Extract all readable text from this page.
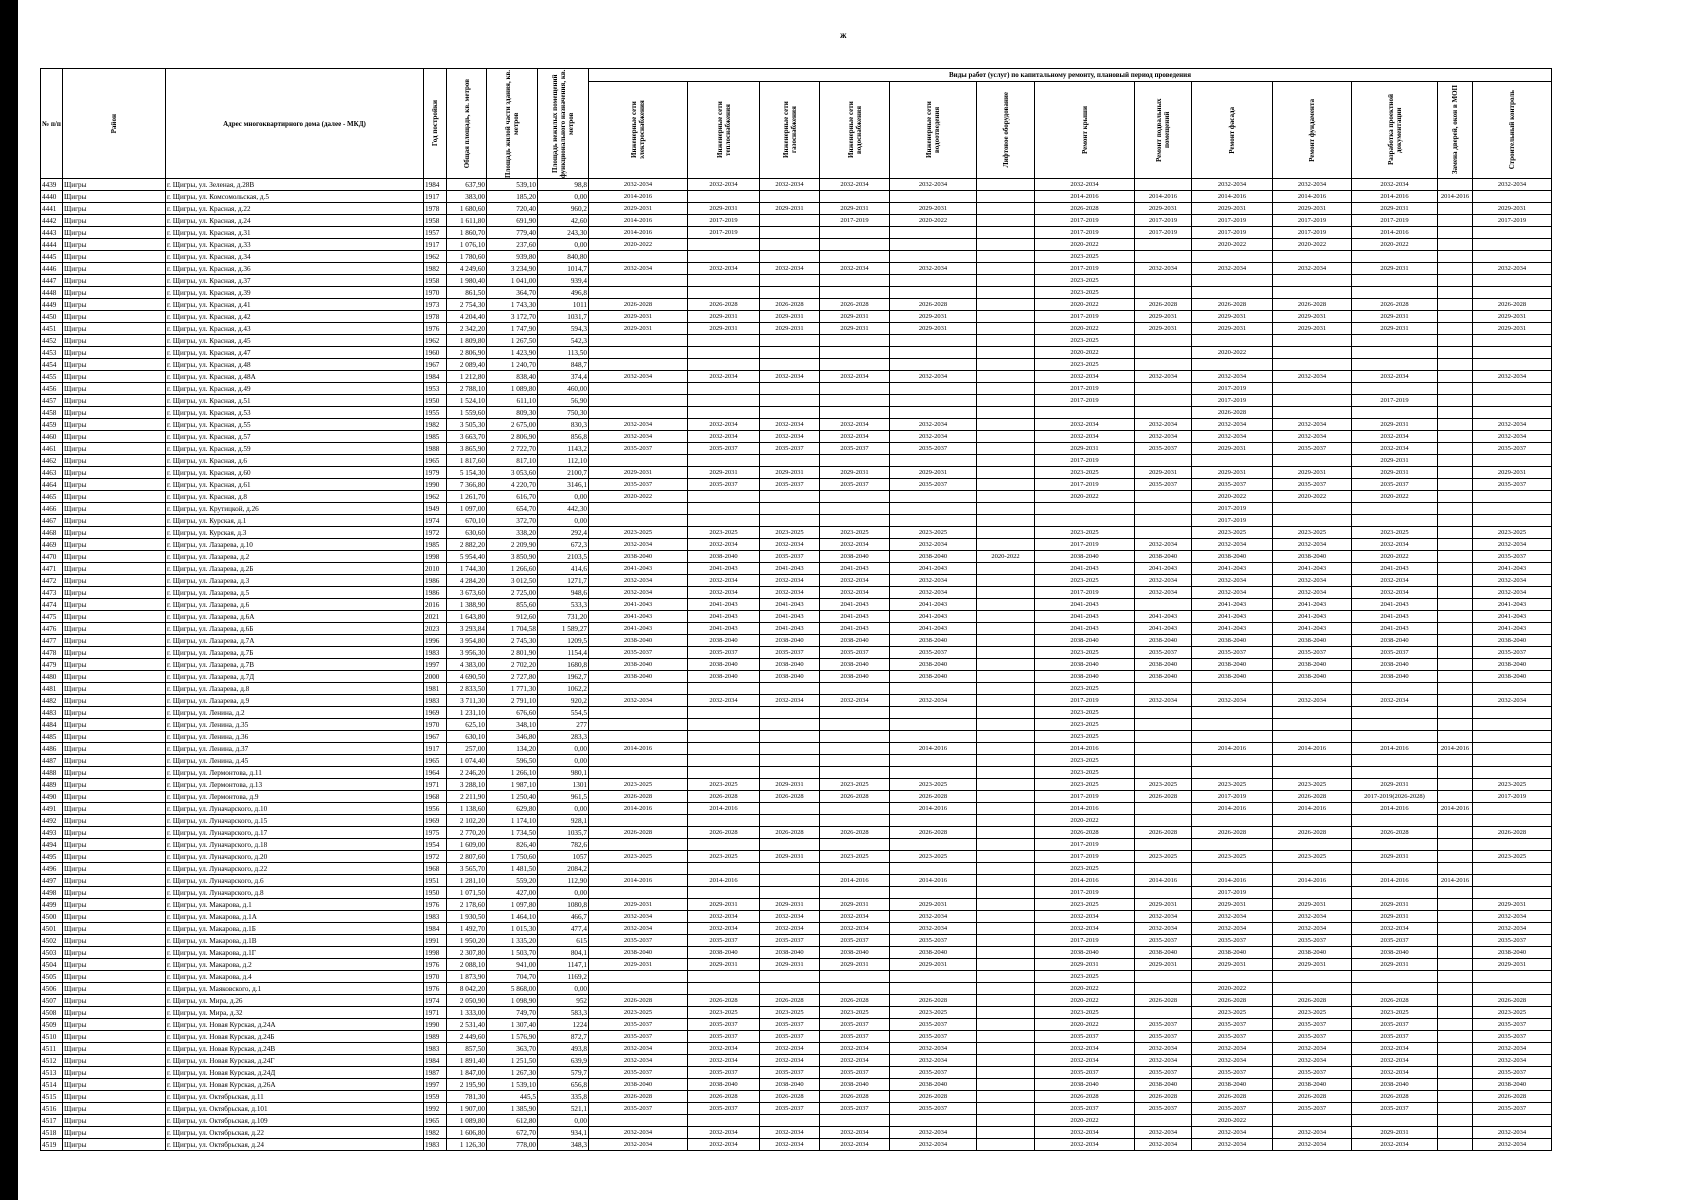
ж
№ п/п	Район	Адрес многоквартирного дома (далее - МКД)	Год постройки	Общая площадь, кв. метров	Площадь жилой части здания, кв. метров	Площадь нежилых помещений функционального назначения, кв. метров	Виды работ (услуг) по капитальному ремонту, плановый период проведения												

							Инженерные сети электроснабжения	Инженерные сети теплоснабжения	Инженерные сети газоснабжения	Инженерные сети водоснабжения	Инженерные сети водоотведения	Лифтовое оборудование	Ремонт крыши	Ремонт подвальных помещений	Ремонт фасада	Ремонт фундамента	Разработка проектной документации	Замена дверей, окон в МОП	Строительный контроль

4439	Щигры	г. Щигры, ул. Зеленая, д.28В	1984	637,90	539,10	98,8	2032-2034	2032-2034	2032-2034	2032-2034	2032-2034		2032-2034		2032-2034	2032-2034	2032-2034		2032-2034
4440	Щигры	г. Щигры, ул. Комсомольская, д.5	1917	383,00	185,20	0,00	2014-2016						2014-2016	2014-2016	2014-2016	2014-2016	2014-2016	2014-2016	
4441	Щигры	г. Щигры, ул. Красная, д.22	1978	1 680,60	720,40	960,2	2029-2031	2029-2031	2029-2031	2029-2031	2029-2031		2026-2028	2029-2031	2029-2031	2029-2031	2029-2031		2029-2031
4442	Щигры	г. Щигры, ул. Красная, д.24	1958	1 611,80	691,90	42,60	2014-2016	2017-2019		2017-2019	2020-2022		2017-2019	2017-2019	2017-2019	2017-2019	2017-2019		2017-2019
4443	Щигры	г. Щигры, ул. Красная, д.31	1957	1 860,70	779,40	243,30	2014-2016	2017-2019					2017-2019	2017-2019	2017-2019	2017-2019	2014-2016		
4444	Щигры	г. Щигры, ул. Красная, д.33	1917	1 076,10	237,60	0,00	2020-2022						2020-2022		2020-2022	2020-2022	2020-2022		
4445	Щигры	г. Щигры, ул. Красная, д.34	1962	1 780,60	939,80	840,80							2023-2025						
4446	Щигры	г. Щигры, ул. Красная, д.36	1982	4 249,60	3 234,90	1014,7	2032-2034	2032-2034	2032-2034	2032-2034	2032-2034		2017-2019	2032-2034	2032-2034	2032-2034	2029-2031		2032-2034
4447	Щигры	г. Щигры, ул. Красная, д.37	1958	1 980,40	1 041,00	939,4							2023-2025						
4448	Щигры	г. Щигры, ул. Красная, д.39	1970	861,50	364,70	496,8							2023-2025						
4449	Щигры	г. Щигры, ул. Красная, д.41	1973	2 754,30	1 743,30	1011	2026-2028	2026-2028	2026-2028	2026-2028	2026-2028		2020-2022	2026-2028	2026-2028	2026-2028	2026-2028		2026-2028
4450	Щигры	г. Щигры, ул. Красная, д.42	1978	4 204,40	3 172,70	1031,7	2029-2031	2029-2031	2029-2031	2029-2031	2029-2031		2017-2019	2029-2031	2029-2031	2029-2031	2029-2031		2029-2031
4451	Щигры	г. Щигры, ул. Красная, д.43	1976	2 342,20	1 747,90	594,3	2029-2031	2029-2031	2029-2031	2029-2031	2029-2031		2020-2022	2029-2031	2029-2031	2029-2031	2029-2031		2029-2031
4452	Щигры	г. Щигры, ул. Красная, д.45	1962	1 809,80	1 267,50	542,3							2023-2025						
4453	Щигры	г. Щигры, ул. Красная, д.47	1960	2 806,90	1 423,90	113,50							2020-2022		2020-2022				
4454	Щигры	г. Щигры, ул. Красная, д.48	1967	2 089,40	1 240,70	848,7							2023-2025						
4455	Щигры	г. Щигры, ул. Красная, д.48А	1984	1 212,80	838,40	374,4	2032-2034	2032-2034	2032-2034	2032-2034	2032-2034		2032-2034	2032-2034	2032-2034	2032-2034	2032-2034		2032-2034
4456	Щигры	г. Щигры, ул. Красная, д.49	1953	2 788,10	1 089,80	460,00							2017-2019		2017-2019				
4457	Щигры	г. Щигры, ул. Красная, д.51	1950	1 524,10	611,10	56,90							2017-2019		2017-2019		2017-2019		
4458	Щигры	г. Щигры, ул. Красная, д.53	1955	1 559,60	809,30	750,30									2026-2028				
4459	Щигры	г. Щигры, ул. Красная, д.55	1982	3 505,30	2 675,00	830,3	2032-2034	2032-2034	2032-2034	2032-2034	2032-2034		2032-2034	2032-2034	2032-2034	2032-2034	2029-2031		2032-2034
4460	Щигры	г. Щигры, ул. Красная, д.57	1985	3 663,70	2 806,90	856,8	2032-2034	2032-2034	2032-2034	2032-2034	2032-2034		2032-2034	2032-2034	2032-2034	2032-2034	2032-2034		2032-2034
4461	Щигры	г. Щигры, ул. Красная, д.59	1988	3 865,90	2 722,70	1143,2	2035-2037	2035-2037	2035-2037	2035-2037	2035-2037		2029-2031	2035-2037	2029-2031	2035-2037	2032-2034		2035-2037
4462	Щигры	г. Щигры, ул. Красная, д.6	1965	1 817,60	817,10	112,10							2017-2019				2029-2031		
4463	Щигры	г. Щигры, ул. Красная, д.60	1979	5 154,30	3 053,60	2100,7	2029-2031	2029-2031	2029-2031	2029-2031	2029-2031		2023-2025	2029-2031	2029-2031	2029-2031	2029-2031		2029-2031
4464	Щигры	г. Щигры, ул. Красная, д.61	1990	7 366,80	4 220,70	3146,1	2035-2037	2035-2037	2035-2037	2035-2037	2035-2037		2017-2019	2035-2037	2035-2037	2035-2037	2035-2037		2035-2037
4465	Щигры	г. Щигры, ул. Красная, д.8	1962	1 261,70	616,70	0,00	2020-2022						2020-2022		2020-2022	2020-2022	2020-2022		
4466	Щигры	г. Щигры, ул. Крутицкой, д.26	1949	1 097,00	654,70	442,30									2017-2019				
4467	Щигры	г. Щигры, ул. Курская, д.1	1974	670,10	372,70	0,00									2017-2019				
4468	Щигры	г. Щигры, ул. Курская, д.3	1972	630,60	338,20	292,4	2023-2025	2023-2025	2023-2025	2023-2025	2023-2025		2023-2025		2023-2025	2023-2025	2023-2025		2023-2025
4469	Щигры	г. Щигры, ул. Лазарева, д.10	1985	2 882,20	2 209,90	672,3	2032-2034	2032-2034	2032-2034	2032-2034	2032-2034		2017-2019	2032-2034	2032-2034	2032-2034	2032-2034		2032-2034
4470	Щигры	г. Щигры, ул. Лазарева, д.2	1998	5 954,40	3 850,90	2103,5	2038-2040	2038-2040	2035-2037	2038-2040	2038-2040	2020-2022	2038-2040	2038-2040	2038-2040	2038-2040	2020-2022		2035-2037
4471	Щигры	г. Щигры, ул. Лазарева, д.2Б	2010	1 744,30	1 266,60	414,6	2041-2043	2041-2043	2041-2043	2041-2043	2041-2043		2041-2043	2041-2043	2041-2043	2041-2043	2041-2043		2041-2043
4472	Щигры	г. Щигры, ул. Лазарева, д.3	1986	4 284,20	3 012,50	1271,7	2032-2034	2032-2034	2032-2034	2032-2034	2032-2034		2023-2025	2032-2034	2032-2034	2032-2034	2032-2034		2032-2034
4473	Щигры	г. Щигры, ул. Лазарева, д.5	1986	3 673,60	2 725,00	948,6	2032-2034	2032-2034	2032-2034	2032-2034	2032-2034		2017-2019	2032-2034	2032-2034	2032-2034	2032-2034		2032-2034
4474	Щигры	г. Щигры, ул. Лазарева, д.6	2016	1 388,90	855,60	533,3	2041-2043	2041-2043	2041-2043	2041-2043	2041-2043		2041-2043		2041-2043	2041-2043	2041-2043		2041-2043
4475	Щигры	г. Щигры, ул. Лазарева, д.6А	2021	1 643,80	912,60	731,20	2041-2043	2041-2043	2041-2043	2041-2043	2041-2043		2041-2043	2041-2043	2041-2043	2041-2043	2041-2043		2041-2043
4476	Щигры	г. Щигры, ул. Лазарева, д.6Б	2023	3 293,84	1 704,58	1 589,27	2041-2043	2041-2043	2041-2043	2041-2043	2041-2043		2041-2043	2041-2043	2041-2043	2041-2043	2041-2043		2041-2043
4477	Щигры	г. Щигры, ул. Лазарева, д.7А	1996	3 954,80	2 745,30	1209,5	2038-2040	2038-2040	2038-2040	2038-2040	2038-2040		2038-2040	2038-2040	2038-2040	2038-2040	2038-2040		2038-2040
4478	Щигры	г. Щигры, ул. Лазарева, д.7Б	1983	3 956,30	2 801,90	1154,4	2035-2037	2035-2037	2035-2037	2035-2037	2035-2037		2023-2025	2035-2037	2035-2037	2035-2037	2035-2037		2035-2037
4479	Щигры	г. Щигры, ул. Лазарева, д.7В	1997	4 383,00	2 702,20	1680,8	2038-2040	2038-2040	2038-2040	2038-2040	2038-2040		2038-2040	2038-2040	2038-2040	2038-2040	2038-2040		2038-2040
4480	Щигры	г. Щигры, ул. Лазарева, д.7Д	2000	4 690,50	2 727,80	1962,7	2038-2040	2038-2040	2038-2040	2038-2040	2038-2040		2038-2040	2038-2040	2038-2040	2038-2040	2038-2040		2038-2040
4481	Щигры	г. Щигры, ул. Лазарева, д.8	1981	2 833,50	1 771,30	1062,2							2023-2025						
4482	Щигры	г. Щигры, ул. Лазарева, д.9	1983	3 711,30	2 791,10	920,2	2032-2034	2032-2034	2032-2034	2032-2034	2032-2034		2017-2019	2032-2034	2032-2034	2032-2034	2032-2034		2032-2034
4483	Щигры	г. Щигры, ул. Ленина, д.2	1969	1 231,10	676,60	554,5							2023-2025						
4484	Щигры	г. Щигры, ул. Ленина, д.35	1970	625,10	348,10	277							2023-2025						
4485	Щигры	г. Щигры, ул. Ленина, д.36	1967	630,10	346,80	283,3							2023-2025						
4486	Щигры	г. Щигры, ул. Ленина, д.37	1917	257,00	134,20	0,00	2014-2016				2014-2016		2014-2016		2014-2016	2014-2016	2014-2016	2014-2016	
4487	Щигры	г. Щигры, ул. Ленина, д.45	1965	1 074,40	596,50	0,00							2023-2025						
4488	Щигры	г. Щигры, ул. Лермонтова, д.11	1964	2 246,20	1 266,10	980,1							2023-2025						
4489	Щигры	г. Щигры, ул. Лермонтова, д.13	1971	3 288,10	1 987,10	1301	2023-2025	2023-2025	2029-2031	2023-2025	2023-2025		2023-2025	2023-2025	2023-2025	2023-2025	2029-2031		2023-2025
4490	Щигры	г. Щигры, ул. Лермонтова, д.9	1968	2 211,90	1 250,40	961,5	2026-2028	2026-2028	2026-2028	2026-2028	2026-2028		2017-2019	2026-2028	2017-2019	2026-2028	2017-2019(2026-2028)		2017-2019
4491	Щигры	г. Щигры, ул. Луначарского, д.10	1956	1 138,60	629,80	0,00	2014-2016	2014-2016			2014-2016		2014-2016		2014-2016	2014-2016	2014-2016	2014-2016	
4492	Щигры	г. Щигры, ул. Луначарского, д.15	1969	2 102,20	1 174,10	928,1							2020-2022						
4493	Щигры	г. Щигры, ул. Луначарского, д.17	1975	2 770,20	1 734,50	1035,7	2026-2028	2026-2028	2026-2028	2026-2028	2026-2028		2026-2028	2026-2028	2026-2028	2026-2028	2026-2028		2026-2028
4494	Щигры	г. Щигры, ул. Луначарского, д.18	1954	1 609,00	826,40	782,6							2017-2019						
4495	Щигры	г. Щигры, ул. Луначарского, д.20	1972	2 807,60	1 750,60	1057	2023-2025	2023-2025	2029-2031	2023-2025	2023-2025		2017-2019	2023-2025	2023-2025	2023-2025	2029-2031		2023-2025
4496	Щигры	г. Щигры, ул. Луначарского, д.22	1968	3 565,70	1 481,50	2084,2							2023-2025						
4497	Щигры	г. Щигры, ул. Луначарского, д.6	1951	1 281,10	559,20	112,90	2014-2016	2014-2016		2014-2016	2014-2016		2014-2016	2014-2016	2014-2016	2014-2016	2014-2016	2014-2016	
4498	Щигры	г. Щигры, ул. Луначарского, д.8	1950	1 071,50	427,00	0,00							2017-2019		2017-2019				
4499	Щигры	г. Щигры, ул. Макарова, д.1	1976	2 178,60	1 097,80	1080,8	2029-2031	2029-2031	2029-2031	2029-2031	2029-2031		2023-2025	2029-2031	2029-2031	2029-2031	2029-2031		2029-2031
4500	Щигры	г. Щигры, ул. Макарова, д.1А	1983	1 930,50	1 464,10	466,7	2032-2034	2032-2034	2032-2034	2032-2034	2032-2034		2032-2034	2032-2034	2032-2034	2032-2034	2029-2031		2032-2034
4501	Щигры	г. Щигры, ул. Макарова, д.1Б	1984	1 492,70	1 015,30	477,4	2032-2034	2032-2034	2032-2034	2032-2034	2032-2034		2032-2034	2032-2034	2032-2034	2032-2034	2032-2034		2032-2034
4502	Щигры	г. Щигры, ул. Макарова, д.1В	1991	1 950,20	1 335,20	615	2035-2037	2035-2037	2035-2037	2035-2037	2035-2037		2017-2019	2035-2037	2035-2037	2035-2037	2035-2037		2035-2037
4503	Щигры	г. Щигры, ул. Макарова, д.1Г	1998	2 307,80	1 503,70	804,1	2038-2040	2038-2040	2038-2040	2038-2040	2038-2040		2038-2040	2038-2040	2038-2040	2038-2040	2038-2040		2038-2040
4504	Щигры	г. Щигры, ул. Макарова, д.2	1976	2 088,10	941,00	1147,1	2029-2031	2029-2031	2029-2031	2029-2031	2029-2031		2029-2031	2029-2031	2029-2031	2029-2031	2029-2031		2029-2031
4505	Щигры	г. Щигры, ул. Макарова, д.4	1970	1 873,90	704,70	1169,2							2023-2025						
4506	Щигры	г. Щигры, ул. Маяковского, д.1	1976	8 042,20	5 868,00	0,00							2020-2022		2020-2022				
4507	Щигры	г. Щигры, ул. Мира, д.26	1974	2 050,90	1 098,90	952	2026-2028	2026-2028	2026-2028	2026-2028	2026-2028		2020-2022	2026-2028	2026-2028	2026-2028	2026-2028		2026-2028
4508	Щигры	г. Щигры, ул. Мира, д.32	1971	1 333,00	749,70	583,3	2023-2025	2023-2025	2023-2025	2023-2025	2023-2025		2023-2025		2023-2025	2023-2025	2023-2025		2023-2025
4509	Щигры	г. Щигры, ул. Новая Курская, д.24А	1990	2 531,40	1 307,40	1224	2035-2037	2035-2037	2035-2037	2035-2037	2035-2037		2020-2022	2035-2037	2035-2037	2035-2037	2035-2037		2035-2037
4510	Щигры	г. Щигры, ул. Новая Курская, д.24Б	1989	2 449,60	1 576,90	872,7	2035-2037	2035-2037	2035-2037	2035-2037	2035-2037		2035-2037	2035-2037	2035-2037	2035-2037	2035-2037		2035-2037
4511	Щигры	г. Щигры, ул. Новая Курская, д.24В	1983	857,50	363,70	493,8	2032-2034	2032-2034	2032-2034	2032-2034	2032-2034		2032-2034	2032-2034	2032-2034	2032-2034	2032-2034		2032-2034
4512	Щигры	г. Щигры, ул. Новая Курская, д.24Г	1984	1 891,40	1 251,50	639,9	2032-2034	2032-2034	2032-2034	2032-2034	2032-2034		2032-2034	2032-2034	2032-2034	2032-2034	2032-2034		2032-2034
4513	Щигры	г. Щигры, ул. Новая Курская, д.24Д	1987	1 847,00	1 267,30	579,7	2035-2037	2035-2037	2035-2037	2035-2037	2035-2037		2035-2037	2035-2037	2035-2037	2035-2037	2032-2034		2035-2037
4514	Щигры	г. Щигры, ул. Новая Курская, д.26А	1997	2 195,90	1 539,10	656,8	2038-2040	2038-2040	2038-2040	2038-2040	2038-2040		2038-2040	2038-2040	2038-2040	2038-2040	2038-2040		2038-2040
4515	Щигры	г. Щигры, ул. Октябрьская, д.11	1959	781,30	445,5	335,8	2026-2028	2026-2028	2026-2028	2026-2028	2026-2028		2026-2028	2026-2028	2026-2028	2026-2028	2026-2028		2026-2028
4516	Щигры	г. Щигры, ул. Октябрьская, д.101	1992	1 907,00	1 385,90	521,1	2035-2037	2035-2037	2035-2037	2035-2037	2035-2037		2035-2037	2035-2037	2035-2037	2035-2037	2035-2037		2035-2037
4517	Щигры	г. Щигры, ул. Октябрьская, д.109	1965	1 089,80	612,80	0,00							2020-2022		2020-2022				
4518	Щигры	г. Щигры, ул. Октябрьская, д.22	1982	1 606,80	672,70	934,1	2032-2034	2032-2034	2032-2034	2032-2034	2032-2034		2032-2034	2032-2034	2032-2034	2032-2034	2029-2031		2032-2034
4519	Щигры	г. Щигры, ул. Октябрьская, д.24	1983	1 126,30	778,00	348,3	2032-2034	2032-2034	2032-2034	2032-2034	2032-2034		2032-2034	2032-2034	2032-2034	2032-2034	2032-2034		2032-2034
